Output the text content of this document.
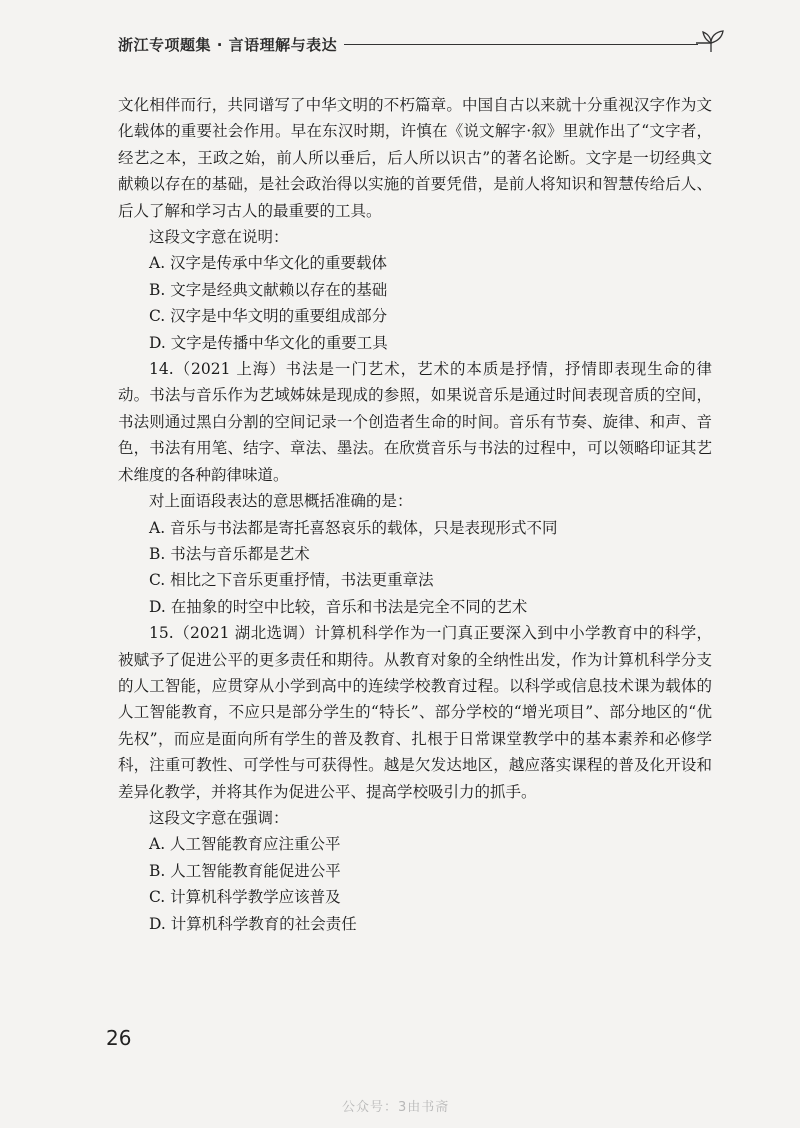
浙江专项题集 · 言语理解与表达

文化相伴而行，共同谱写了中华文明的不朽篇章。中国自古以来就十分重视汉字作为文化载体的重要社会作用。早在东汉时期，许慎在《说文解字·叙》里就作出了“文字者，经艺之本，王政之始，前人所以垂后，后人所以识古”的著名论断。文字是一切经典文献赖以存在的基础，是社会政治得以实施的首要凭借，是前人将知识和智慧传给后人、后人了解和学习古人的最重要的工具。

这段文字意在说明：

A. 汉字是传承中华文化的重要载体

B. 文字是经典文献赖以存在的基础

C. 汉字是中华文明的重要组成部分

D. 文字是传播中华文化的重要工具

14.（2021 上海）书法是一门艺术，艺术的本质是抒情，抒情即表现生命的律动。书法与音乐作为艺域姊妹是现成的参照，如果说音乐是通过时间表现音质的空间，书法则通过黑白分割的空间记录一个创造者生命的时间。音乐有节奏、旋律、和声、音色，书法有用笔、结字、章法、墨法。在欣赏音乐与书法的过程中，可以领略印证其艺术维度的各种韵律味道。

对上面语段表达的意思概括准确的是：

A. 音乐与书法都是寄托喜怒哀乐的载体，只是表现形式不同

B. 书法与音乐都是艺术

C. 相比之下音乐更重抒情，书法更重章法

D. 在抽象的时空中比较，音乐和书法是完全不同的艺术

15.（2021 湖北选调）计算机科学作为一门真正要深入到中小学教育中的科学，被赋予了促进公平的更多责任和期待。从教育对象的全纳性出发，作为计算机科学分支的人工智能，应贯穿从小学到高中的连续学校教育过程。以科学或信息技术课为载体的人工智能教育，不应只是部分学生的“特长”、部分学校的“增光项目”、部分地区的“优先权”，而应是面向所有学生的普及教育、扎根于日常课堂教学中的基本素养和必修学科，注重可教性、可学性与可获得性。越是欠发达地区，越应落实课程的普及化开设和差异化教学，并将其作为促进公平、提高学校吸引力的抓手。

这段文字意在强调：

A. 人工智能教育应注重公平

B. 人工智能教育能促进公平

C. 计算机科学教学应该普及

D. 计算机科学教育的社会责任

26
公众号：3由书斋
